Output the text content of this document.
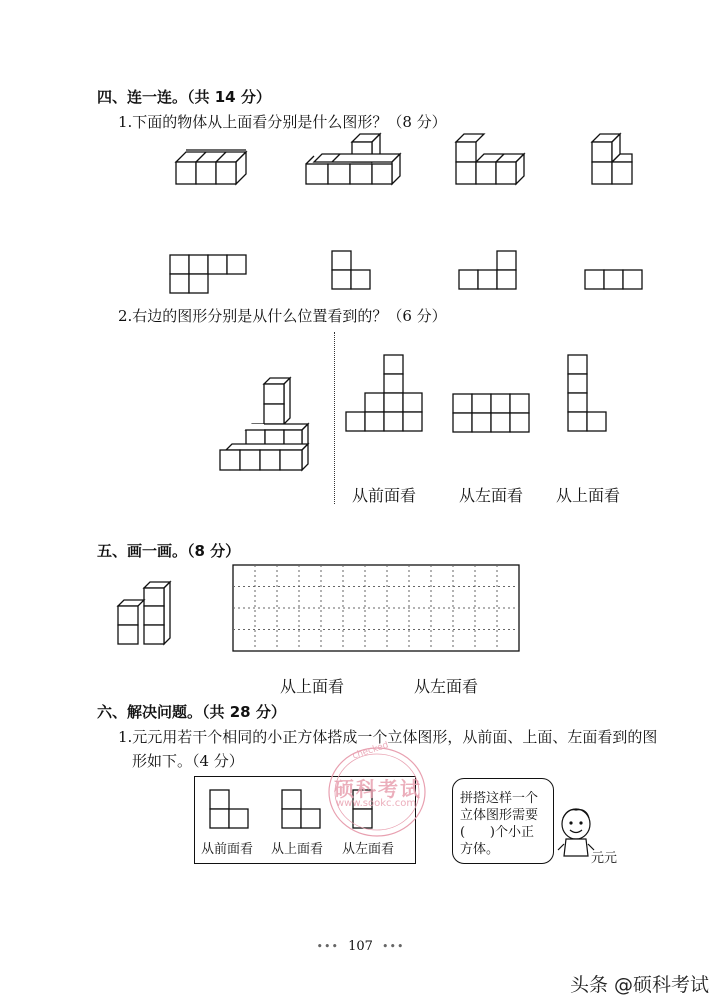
四、连一连。（共 14 分）
1.下面的物体从上面看分别是什么图形？（8 分）
2.右边的图形分别是从什么位置看到的？（6 分）
从前面看	从左面看 从上面看
五、画一画。（8 分）
从上面看	从左面看
六、解决问题。（共 28 分）
1.元元用若干个相同的小正方体搭成一个立体图形，从前面、上面、左面看到的图
形如下。（4 分）
从前面看 从上面看 从左面看
硕科考试
www.sookc.com
checked
拼搭这样一个
立体图形需要
(      )个小正
方体。
元元
••• 107 •••
头条 @硕科考试
